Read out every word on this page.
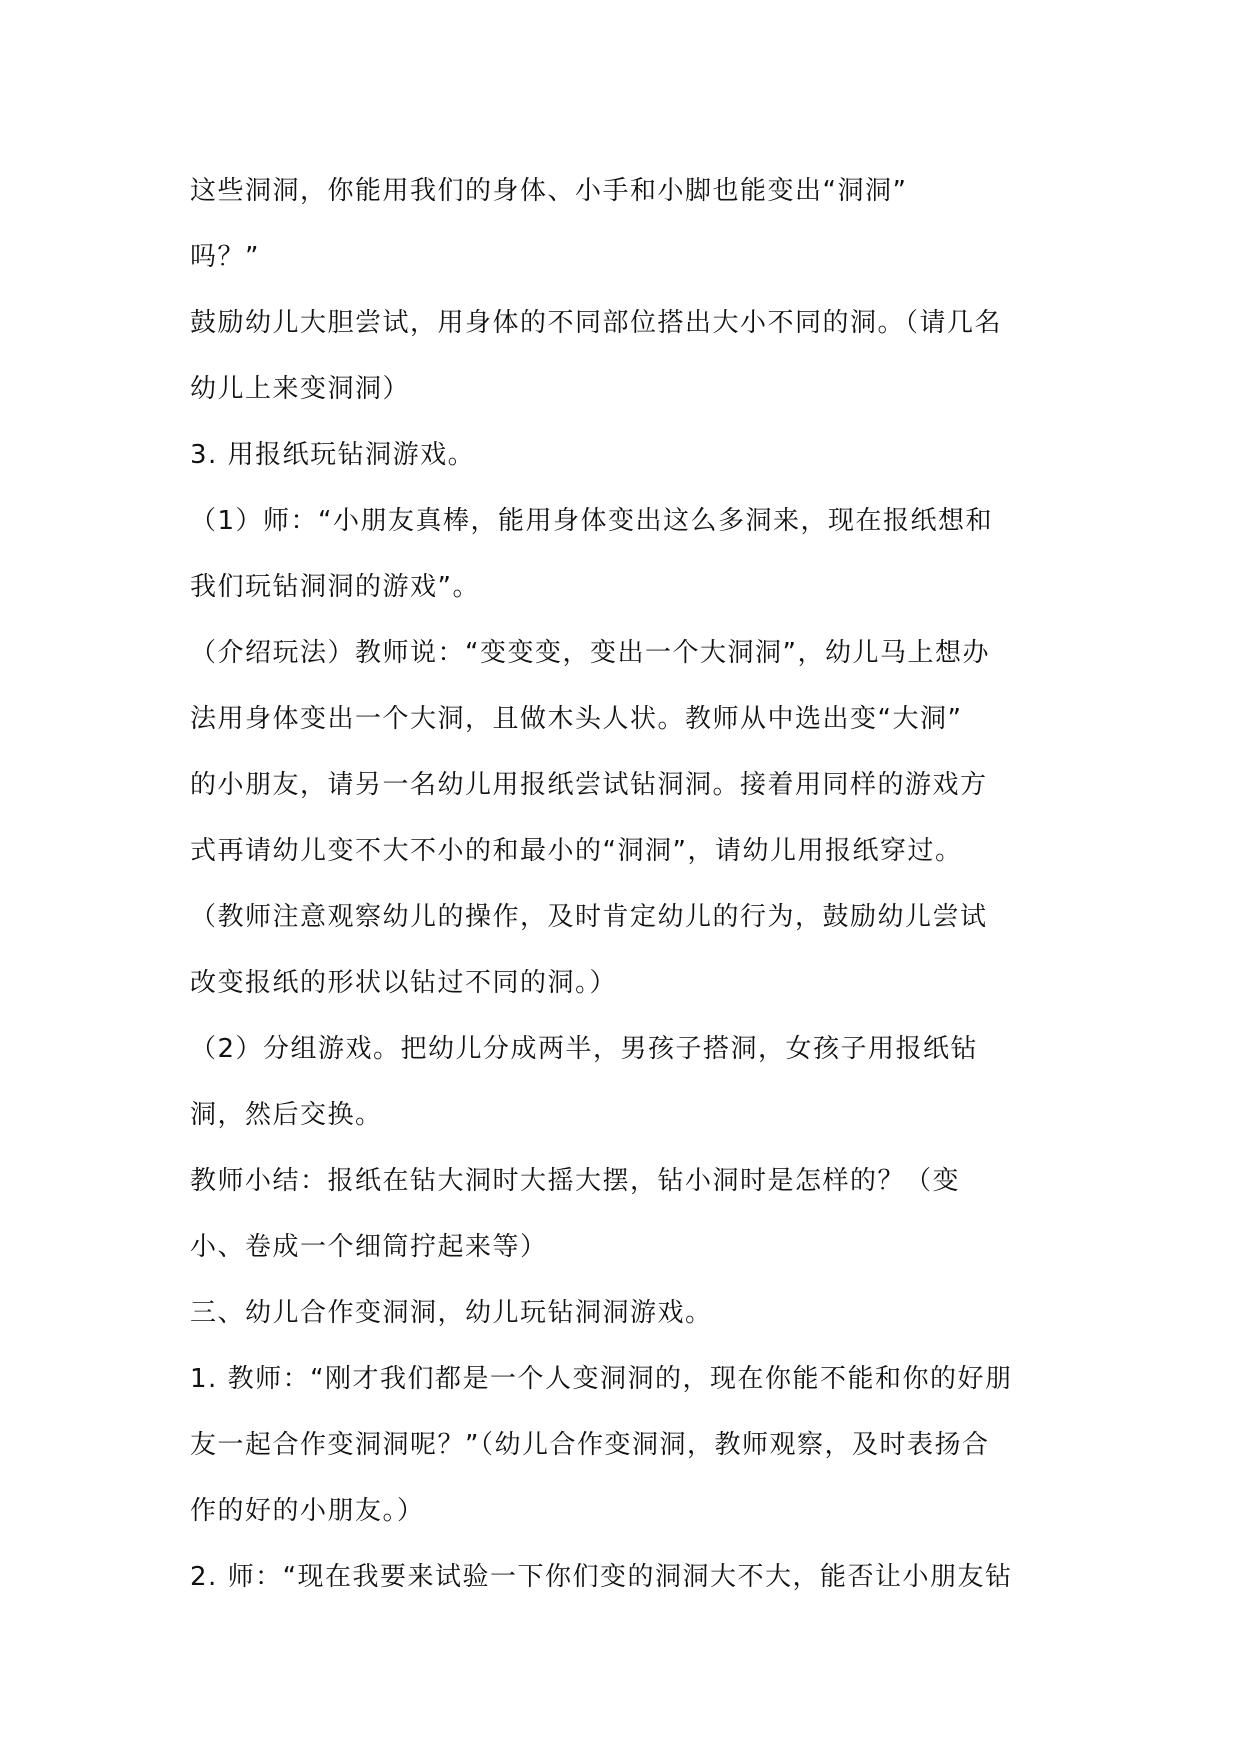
这些洞洞，你能用我们的身体、小手和小脚也能变出“洞洞”
吗？”
鼓励幼儿大胆尝试，用身体的不同部位搭出大小不同的洞。（请几名
幼儿上来变洞洞）
3. 用报纸玩钻洞游戏。
（1）师：“小朋友真棒，能用身体变出这么多洞来，现在报纸想和
我们玩钻洞洞的游戏”。
（介绍玩法）教师说：“变变变，变出一个大洞洞”，幼儿马上想办
法用身体变出一个大洞，且做木头人状。教师从中选出变“大洞”
的小朋友，请另一名幼儿用报纸尝试钻洞洞。接着用同样的游戏方
式再请幼儿变不大不小的和最小的“洞洞”，请幼儿用报纸穿过。
（教师注意观察幼儿的操作，及时肯定幼儿的行为，鼓励幼儿尝试
改变报纸的形状以钻过不同的洞。）
（2）分组游戏。把幼儿分成两半，男孩子搭洞，女孩子用报纸钻
洞，然后交换。
教师小结：报纸在钻大洞时大摇大摆，钻小洞时是怎样的？（变
小、卷成一个细筒拧起来等）
三、幼儿合作变洞洞，幼儿玩钻洞洞游戏。
1. 教师：“刚才我们都是一个人变洞洞的，现在你能不能和你的好朋
友一起合作变洞洞呢？”（幼儿合作变洞洞，教师观察，及时表扬合
作的好的小朋友。）
2. 师：“现在我要来试验一下你们变的洞洞大不大，能否让小朋友钻
